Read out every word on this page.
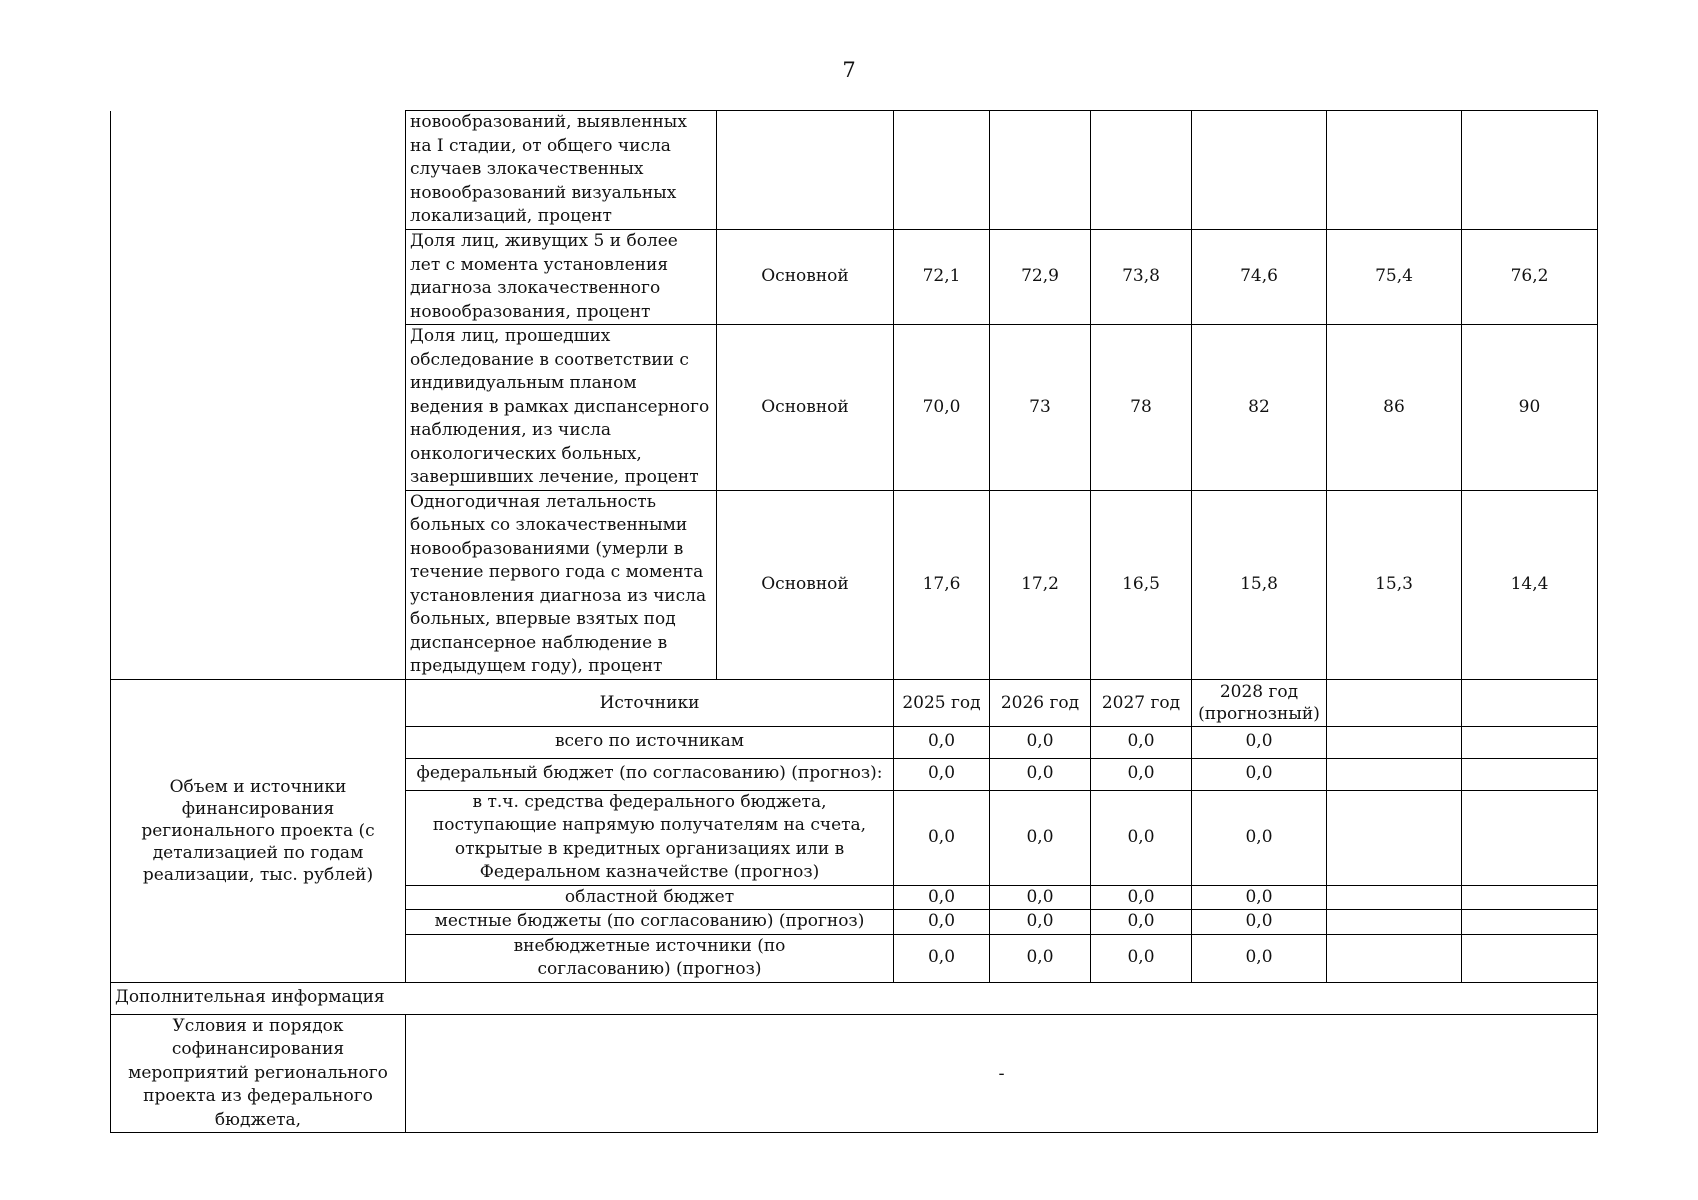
7
	новообразований, выявленных на I стадии, от общего числа случаев злокачественных новообразований визуальных локализаций, процент							
	Доля лиц, живущих 5 и более лет с момента установления диагноза злокачественного новообразования, процент	Основной	72,1	72,9	73,8	74,6	75,4	76,2
	Доля лиц, прошедших обследование в соответствии с индивидуальным планом ведения в рамках диспансерного наблюдения, из числа онкологических больных, завершивших лечение, процент	Основной	70,0	73	78	82	86	90
	Одногодичная летальность больных со злокачественными новообразованиями (умерли в течение первого года с момента установления диагноза из числа больных, впервые взятых под диспансерное наблюдение в предыдущем году), процент	Основной	17,6	17,2	16,5	15,8	15,3	14,4
Объем и источники финансирования регионального проекта (с детализацией по годам реализации, тыс. рублей)	Источники		2025 год	2026 год	2027 год	2028 год (прогнозный)		
	всего по источникам		0,0	0,0	0,0	0,0		
	федеральный бюджет (по согласованию) (прогноз):		0,0	0,0	0,0	0,0		
	в т.ч. средства федерального бюджета, поступающие напрямую получателям на счета, открытые в кредитных организациях или в Федеральном казначействе (прогноз)		0,0	0,0	0,0	0,0		
	областной бюджет		0,0	0,0	0,0	0,0		
	местные бюджеты (по согласованию) (прогноз)		0,0	0,0	0,0	0,0		
	внебюджетные источники (по согласованию) (прогноз)		0,0	0,0	0,0	0,0		
Дополнительная информация								
Условия и порядок софинансирования мероприятий регионального проекта из федерального бюджета,	-							
